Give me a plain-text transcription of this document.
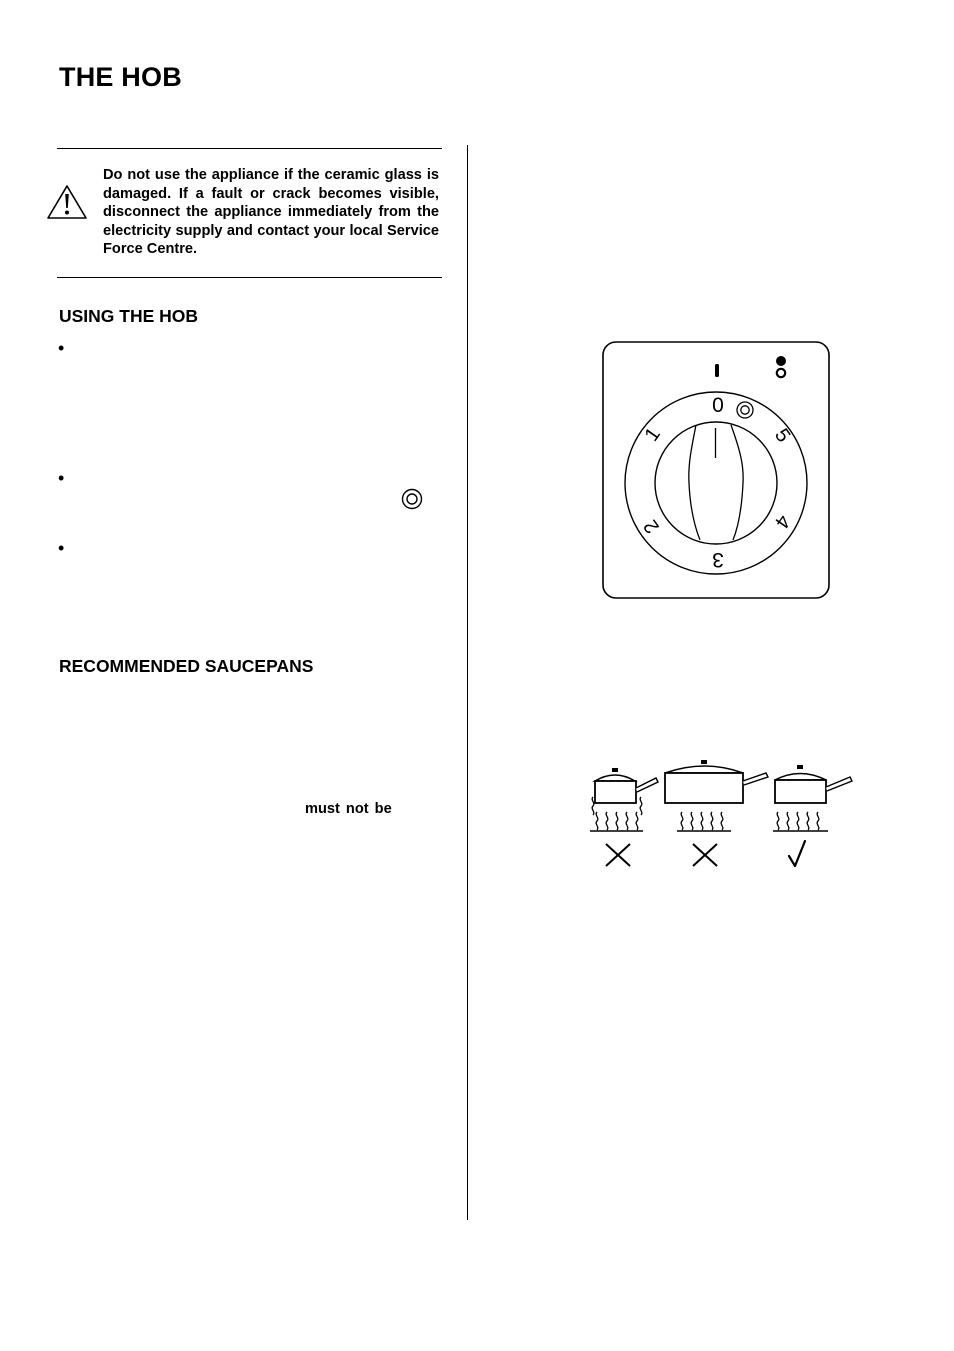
THE HOB
Do not use the appliance if the ceramic glass is damaged. If a fault or crack becomes visible, disconnect the appliance immediately from the electricity supply and contact your local Service Force Centre.
USING THE HOB
•
•
•
RECOMMENDED SAUCEPANS
must not be
0
1
2
3
4
5
